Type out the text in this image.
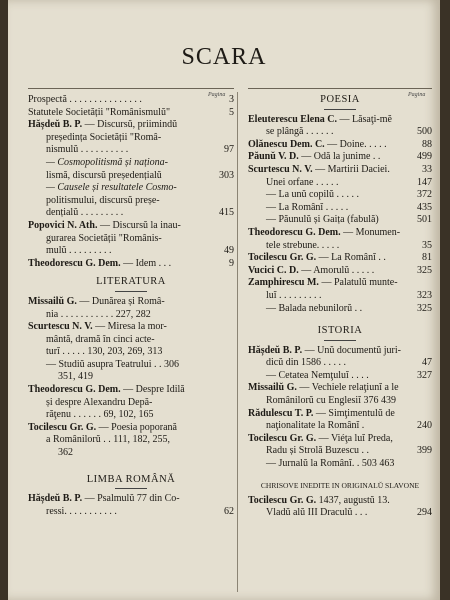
SCARA
Pagina	Pagina
Prospectă . . . . . . . . . . . . . . .	3
Statutele Societății "Românismulŭ"	5
Hășdeŭ B. P. — Discursŭ, priimindŭ
președința Societății "Româ-
nismulŭ . . . . . . . . . .	97
— Cosmopolitismă și naționa-
lismă, discursŭ președențialŭ	303
— Causele și resultatele Cosmo-
politismului, discursŭ preșe-
dențialŭ . . . . . . . . .	415
Popovici N. Ath. — Discursŭ la inau-
gurarea Societății "Românis-
mulŭ . . . . . . . . .	49
Theodorescu G. Dem. — Idem . . .	9
LITERATURA
Missailŭ G. — Dunărea și Româ-
nia . . . . . . . . . . . 227, 282
Scurtescu N. V. — Miresa la mor-
mântă, dramă în cinci acte-
turĭ . . . . . 130, 203, 269, 313
— Studiŭ asupra Teatrului . . 306
351, 419
Theodorescu G. Dem. — Despre Idilă
și despre Alexandru Depă-
răţenu . . . . . . 69, 102, 165
Tocilescu Gr. G. — Poesia poporană
a Românilorŭ . . 111, 182, 255,
362
LIMBA ROMÂNĂ
Hășdeŭ B. P. — Psalmulŭ 77 din Co-
ressi. . . . . . . . . . .	62
POESIA
Eleuterescu Elena C. — Lăsaţi-mĕ
se plângă . . . . . .	500
Olănescu Dem. C. — Doine. . . . .	88
Păunŭ V. D. — Odă la junime . .	499
Scurtescu N. V. — Martirii Daciei.	33
Unei orfane . . . . .	147
— La unŭ copilŭ . . . . .	372
— La Românĭ . . . . .	435
— Păunulŭ și Gaița (fabulă)	501
Theodorescu G. Dem. — Monumen-
tele strebune. . . . .	35
Tocilescu Gr. G. — La Românĭ . .	81
Vucici C. D. — Amorulŭ . . . . .	325
Zamphirescu M. — Palatulŭ munte-
luĭ . . . . . . . . .	323
— Balada nebunilorŭ . .	325
ISTORIA
Hășdeŭ B. P. — Unŭ documentŭ juri-
dicŭ din 1586 . . . . .	47
— Cetatea Nemţuluĭ . . . .	327
Missailŭ G. — Vechiele relaţiunĭ a le
Românilorŭ cu Englesiĭ 376 439
Rădulescu T. P. — Simţimentulŭ de
naţionalitate la Românĭ .	240
Tocilescu Gr. G. — Viéţa luĭ Preda,
Radu și Strolă Buzescu . .	399
— Jurnalŭ la Românĭ. . 503 463
CHRISOVE INEDITE IN ORIGINALŬ SLAVONE
Tocilescu Gr. G. 1437, augustŭ 13.
Vladŭ alŭ III Draculŭ . . .	294
